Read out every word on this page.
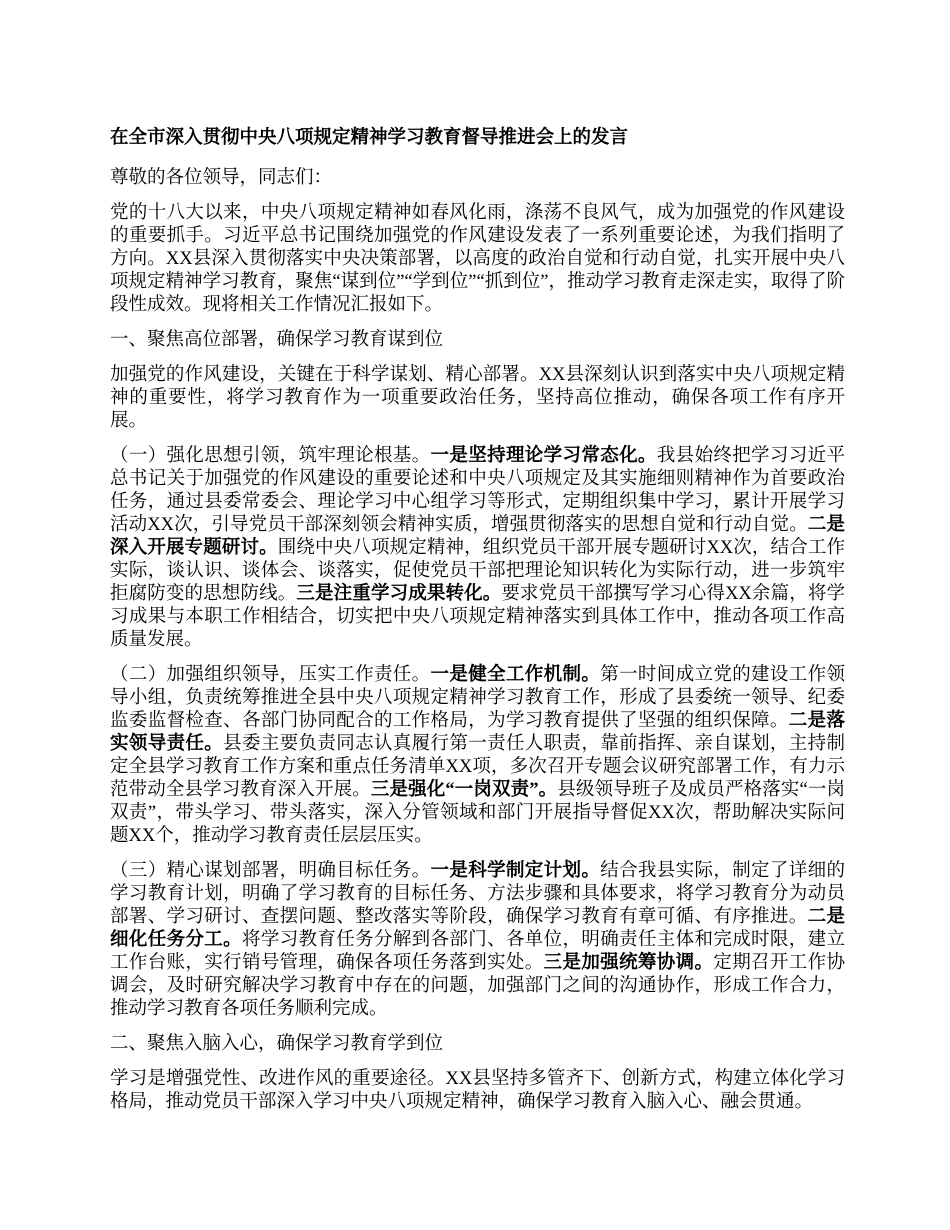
在全市深入贯彻中央八项规定精神学习教育督导推进会上的发言

尊敬的各位领导，同志们：

党的十八大以来，中央八项规定精神如春风化雨，涤荡不良风气，成为加强党的作风建设的重要抓手。习近平总书记围绕加强党的作风建设发表了一系列重要论述，为我们指明了方向。XX县深入贯彻落实中央决策部署，以高度的政治自觉和行动自觉，扎实开展中央八项规定精神学习教育，聚焦“谋到位”“学到位”“抓到位”，推动学习教育走深走实，取得了阶段性成效。现将相关工作情况汇报如下。

一、聚焦高位部署，确保学习教育谋到位

加强党的作风建设，关键在于科学谋划、精心部署。XX县深刻认识到落实中央八项规定精神的重要性，将学习教育作为一项重要政治任务，坚持高位推动，确保各项工作有序开展。

（一）强化思想引领，筑牢理论根基。一是坚持理论学习常态化。我县始终把学习习近平总书记关于加强党的作风建设的重要论述和中央八项规定及其实施细则精神作为首要政治任务，通过县委常委会、理论学习中心组学习等形式，定期组织集中学习，累计开展学习活动XX次，引导党员干部深刻领会精神实质，增强贯彻落实的思想自觉和行动自觉。二是深入开展专题研讨。围绕中央八项规定精神，组织党员干部开展专题研讨XX次，结合工作实际，谈认识、谈体会、谈落实，促使党员干部把理论知识转化为实际行动，进一步筑牢拒腐防变的思想防线。三是注重学习成果转化。要求党员干部撰写学习心得XX余篇，将学习成果与本职工作相结合，切实把中央八项规定精神落实到具体工作中，推动各项工作高质量发展。

（二）加强组织领导，压实工作责任。一是健全工作机制。第一时间成立党的建设工作领导小组，负责统筹推进全县中央八项规定精神学习教育工作，形成了县委统一领导、纪委监委监督检查、各部门协同配合的工作格局，为学习教育提供了坚强的组织保障。二是落实领导责任。县委主要负责同志认真履行第一责任人职责，靠前指挥、亲自谋划，主持制定全县学习教育工作方案和重点任务清单XX项，多次召开专题会议研究部署工作，有力示范带动全县学习教育深入开展。三是强化“一岗双责”。县级领导班子及成员严格落实“一岗双责”，带头学习、带头落实，深入分管领域和部门开展指导督促XX次，帮助解决实际问题XX个，推动学习教育责任层层压实。

（三）精心谋划部署，明确目标任务。一是科学制定计划。结合我县实际，制定了详细的学习教育计划，明确了学习教育的目标任务、方法步骤和具体要求，将学习教育分为动员部署、学习研讨、查摆问题、整改落实等阶段，确保学习教育有章可循、有序推进。二是细化任务分工。将学习教育任务分解到各部门、各单位，明确责任主体和完成时限，建立工作台账，实行销号管理，确保各项任务落到实处。三是加强统筹协调。定期召开工作协调会，及时研究解决学习教育中存在的问题，加强部门之间的沟通协作，形成工作合力，推动学习教育各项任务顺利完成。

二、聚焦入脑入心，确保学习教育学到位

学习是增强党性、改进作风的重要途径。XX县坚持多管齐下、创新方式，构建立体化学习格局，推动党员干部深入学习中央八项规定精神，确保学习教育入脑入心、融会贯通。
